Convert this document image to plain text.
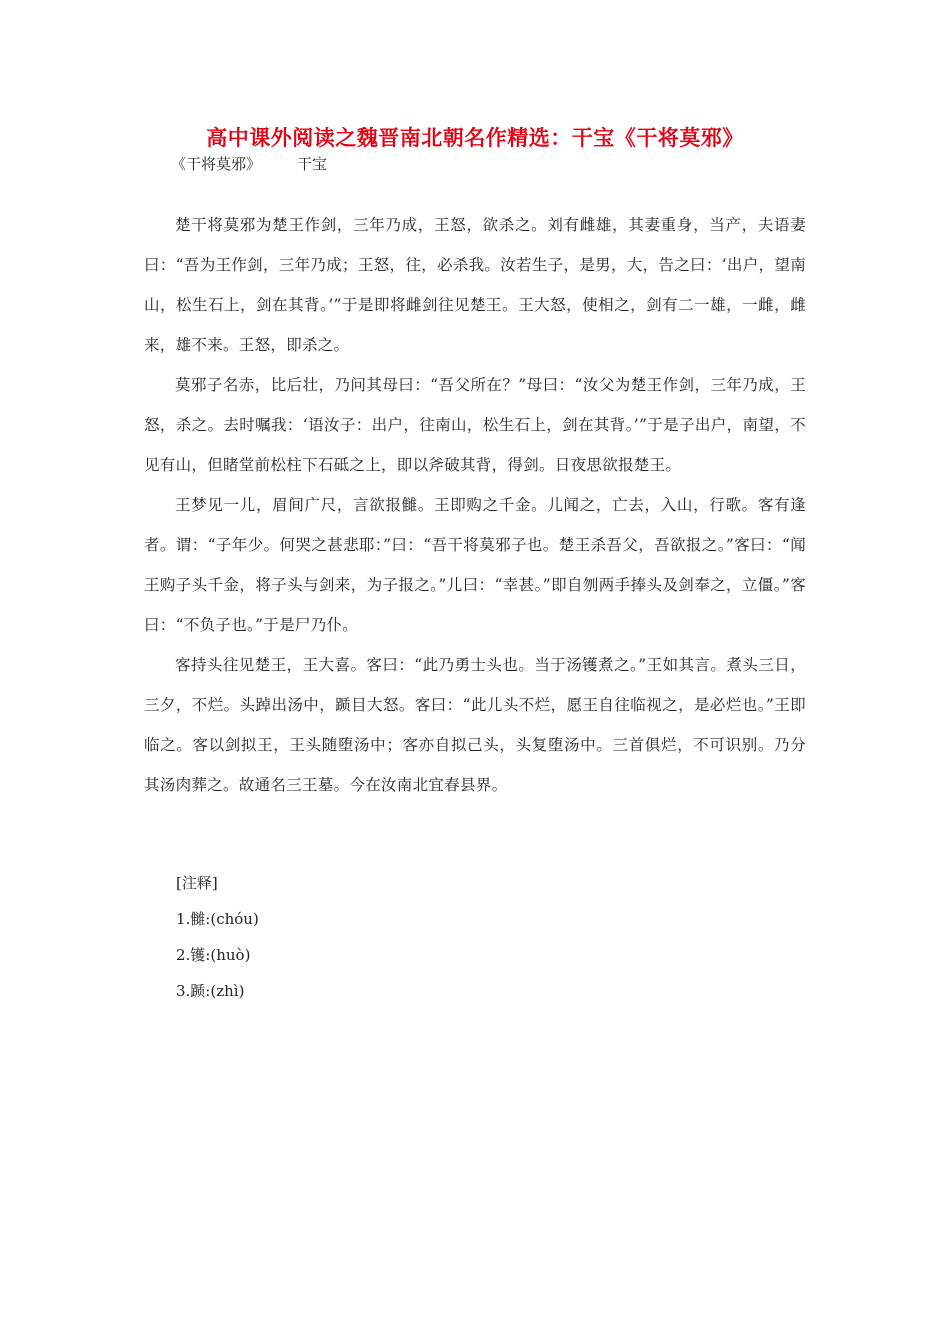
高中课外阅读之魏晋南北朝名作精选：干宝《干将莫邪》
《干将莫邪》 干宝

楚干将莫邪为楚王作剑，三年乃成，王怒，欲杀之。刘有雌雄，其妻重身，当产，夫语妻曰：“吾为王作剑，三年乃成；王怒，往，必杀我。汝若生子，是男，大，告之曰：‘出户，望南山，松生石上，剑在其背。’”于是即将雌剑往见楚王。王大怒，使相之，剑有二一雄，一雌，雌来，雄不来。王怒，即杀之。

莫邪子名赤，比后壮，乃问其母曰：“吾父所在？”母曰：“汝父为楚王作剑，三年乃成，王怒，杀之。去时嘱我：‘语汝子：出户，往南山，松生石上，剑在其背。’”于是子出户，南望，不见有山，但睹堂前松柱下石砥之上，即以斧破其背，得剑。日夜思欲报楚王。

王梦见一儿，眉间广尺，言欲报雠。王即购之千金。儿闻之，亡去，入山，行歌。客有逢者。谓：“子年少。何哭之甚悲耶：”曰：“吾干将莫邪子也。楚王杀吾父，吾欲报之。”客曰：“闻王购子头千金，将子头与剑来，为子报之。”儿曰：“幸甚。”即自刎两手捧头及剑奉之，立僵。”客曰：“不负子也。”于是尸乃仆。

客持头往见楚王，王大喜。客曰：“此乃勇士头也。当于汤镬煮之。”王如其言。煮头三日，三夕，不烂。头踔出汤中，踬目大怒。客曰：“此儿头不烂，愿王自往临视之，是必烂也。”王即临之。客以剑拟王，王头随堕汤中；客亦自拟己头，头复堕汤中。三首俱烂，不可识别。乃分其汤肉葬之。故通名三王墓。今在汝南北宜春县界。

[注释]
1.雠:(chóu)
2.镬:(huò)
3.踬:(zhì)
